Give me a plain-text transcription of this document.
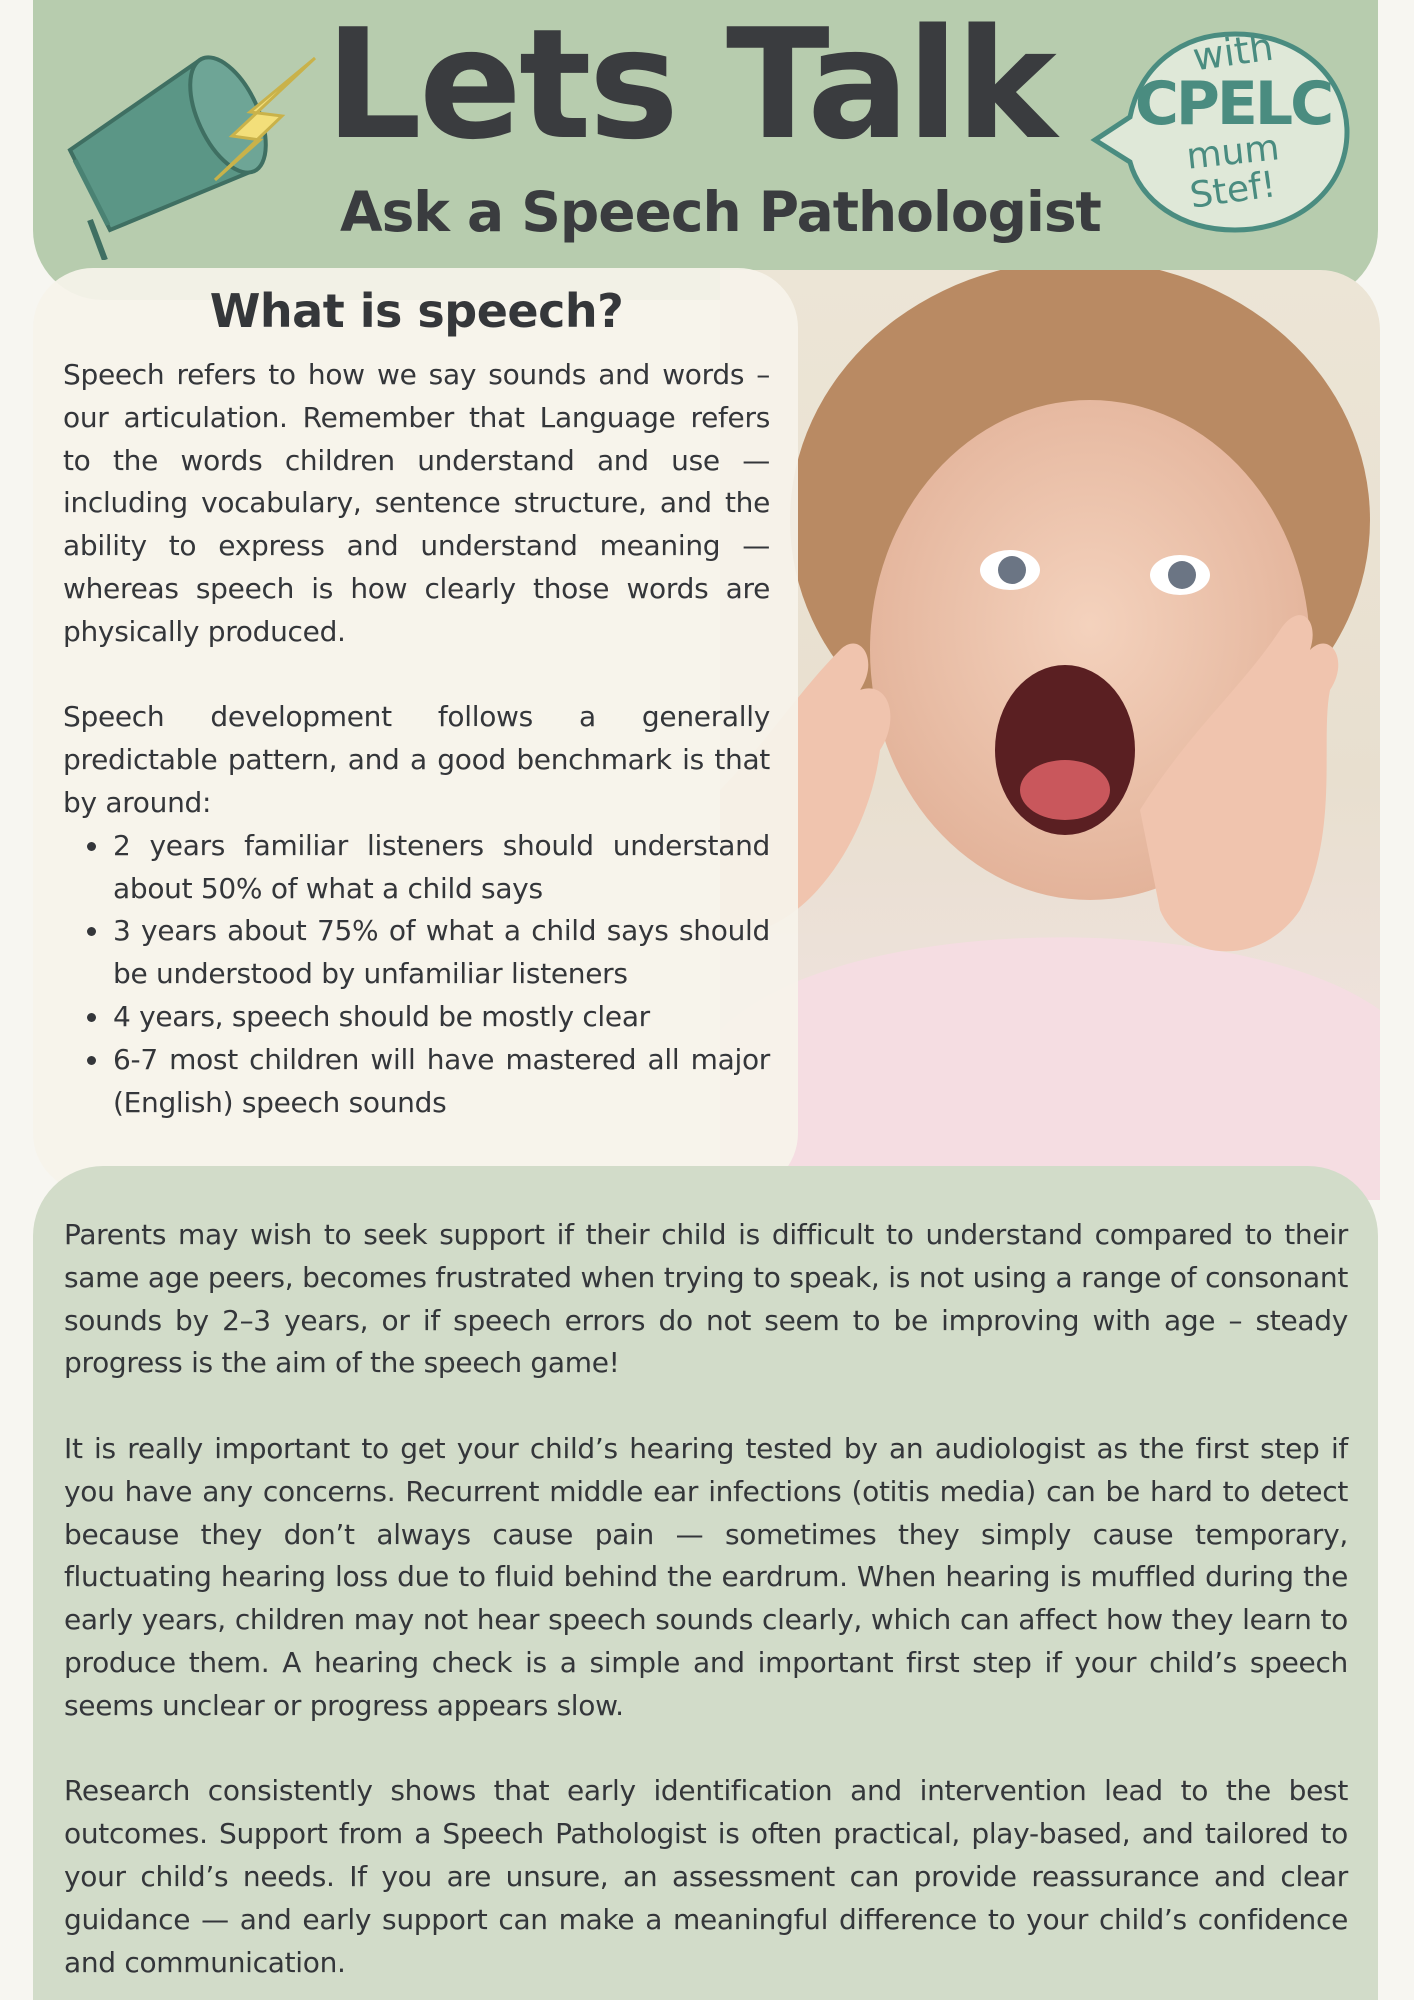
Lets Talk
Ask a Speech Pathologist
with
CPELC
mum
Stef!
What is speech?

Speech refers to how we say sounds and words – our articulation. Remember that Language refers to the words children understand and use — including vocabulary, sentence structure, and the ability to express and understand meaning — whereas speech is how clearly those words are physically produced.

Speech development follows a generally predictable pattern, and a good benchmark is that by around:

2 years familiar listeners should understand about 50% of what a child says
3 years about 75% of what a child says should be understood by unfamiliar listeners
4 years, speech should be mostly clear
6-7 most children will have mastered all major (English) speech sounds

Parents may wish to seek support if their child is difficult to understand compared to their same age peers, becomes frustrated when trying to speak, is not using a range of consonant sounds by 2–3 years, or if speech errors do not seem to be improving with age – steady progress is the aim of the speech game!

It is really important to get your child’s hearing tested by an audiologist as the first step if you have any concerns. Recurrent middle ear infections (otitis media) can be hard to detect because they don’t always cause pain — sometimes they simply cause temporary, fluctuating hearing loss due to fluid behind the eardrum. When hearing is muffled during the early years, children may not hear speech sounds clearly, which can affect how they learn to produce them. A hearing check is a simple and important first step if your child’s speech seems unclear or progress appears slow.

Research consistently shows that early identification and intervention lead to the best outcomes. Support from a Speech Pathologist is often practical, play-based, and tailored to your child’s needs. If you are unsure, an assessment can provide reassurance and clear guidance — and early support can make a meaningful difference to your child’s confidence and communication.
